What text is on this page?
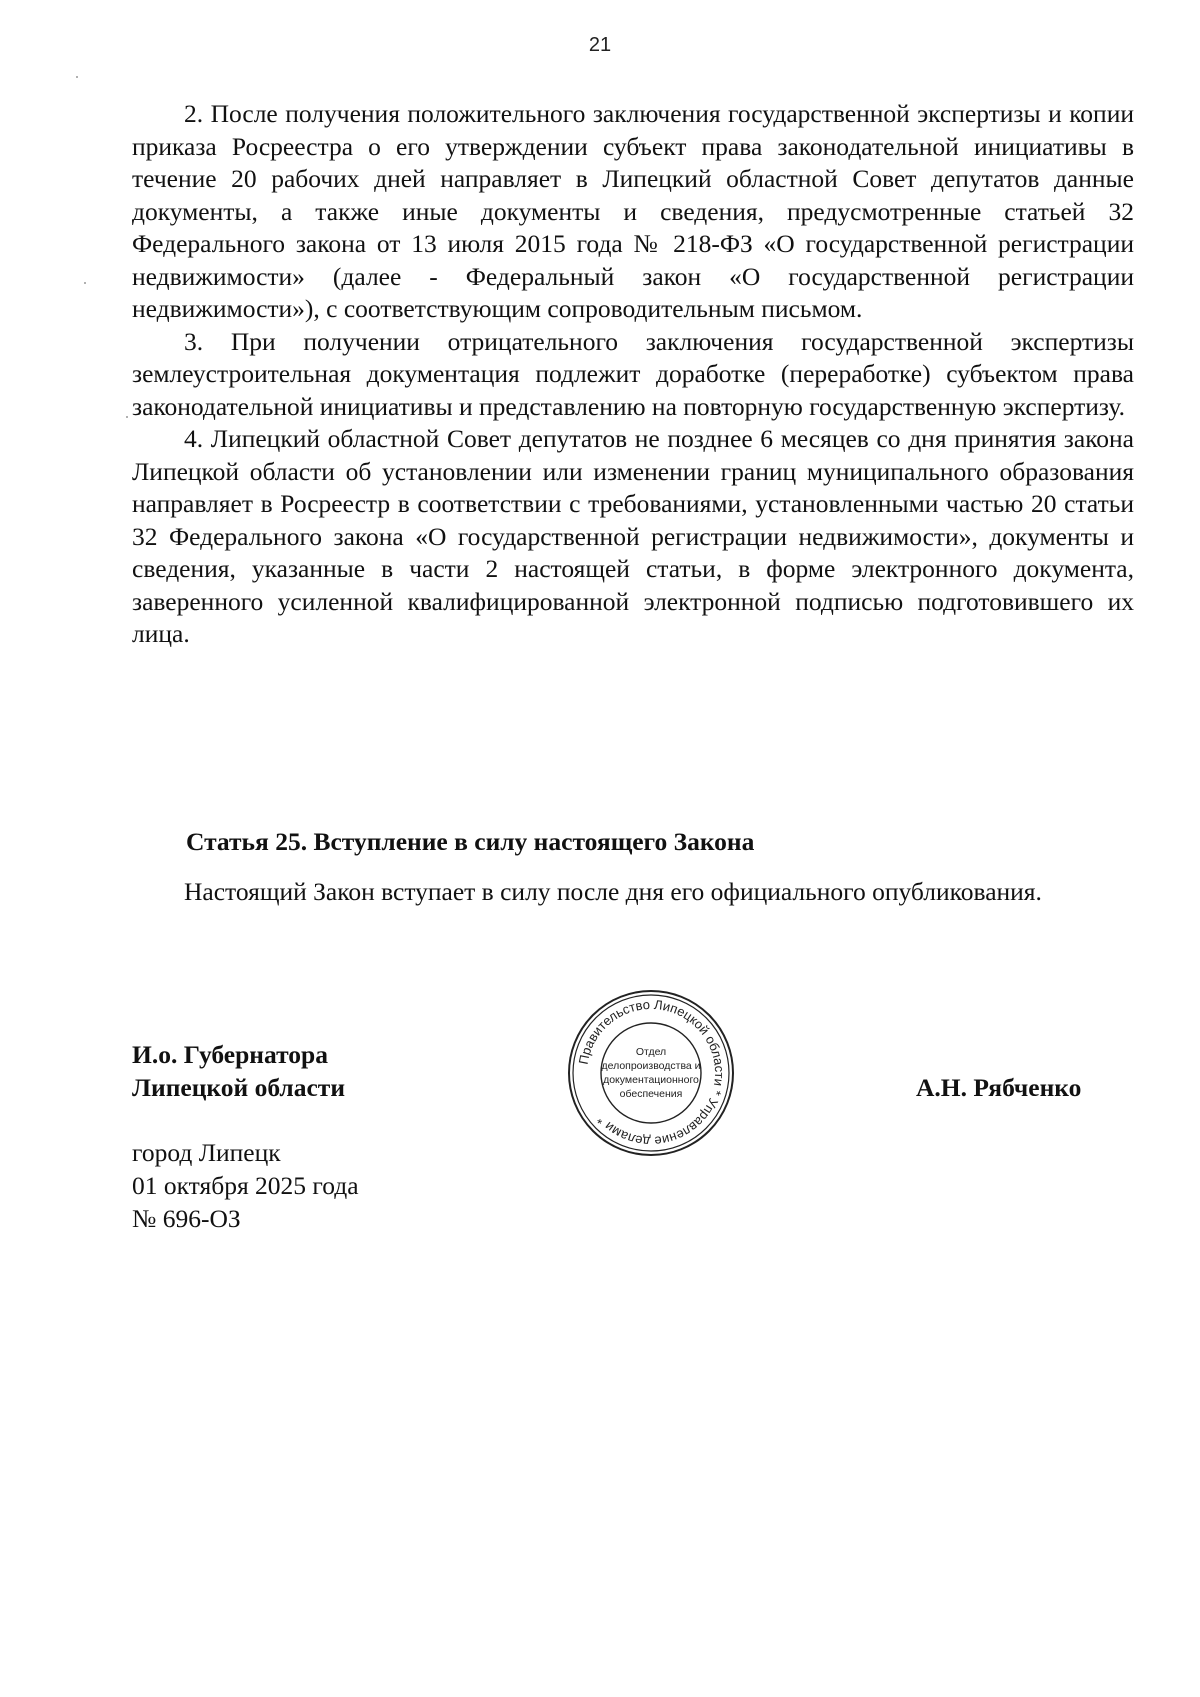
21

2. После получения положительного заключения государственной экспертизы и копии приказа Росреестра о его утверждении субъект права законодательной инициативы в течение 20 рабочих дней направляет в Липецкий областной Совет депутатов данные документы, а также иные документы и сведения, предусмотренные статьей 32 Федерального закона от 13 июля 2015 года № 218-ФЗ «О государственной регистрации недвижимости» (далее - Федеральный закон «О государственной регистрации недвижимости»), с соответствующим сопроводительным письмом.

3. При получении отрицательного заключения государственной экспертизы землеустроительная документация подлежит доработке (переработке) субъектом права законодательной инициативы и представлению на повторную государственную экспертизу.

4. Липецкий областной Совет депутатов не позднее 6 месяцев со дня принятия закона Липецкой области об установлении или изменении границ муниципального образования направляет в Росреестр в соответствии с требованиями, установленными частью 20 статьи 32 Федерального закона «О государственной регистрации недвижимости», документы и сведения, указанные в части 2 настоящей статьи, в форме электронного документа, заверенного усиленной квалифицированной электронной подписью подготовившего их лица.

Статья 25. Вступление в силу настоящего Закона

Настоящий Закон вступает в силу после дня его официального опубликования.

И.о. Губернатора
Липецкой области
Правительство Липецкой области * Управление делами *
Отдел
делопроизводства и
документационного
обеспечения	А.Н. Рябченко
город Липецк
01 октября 2025 года
№ 696-ОЗ
